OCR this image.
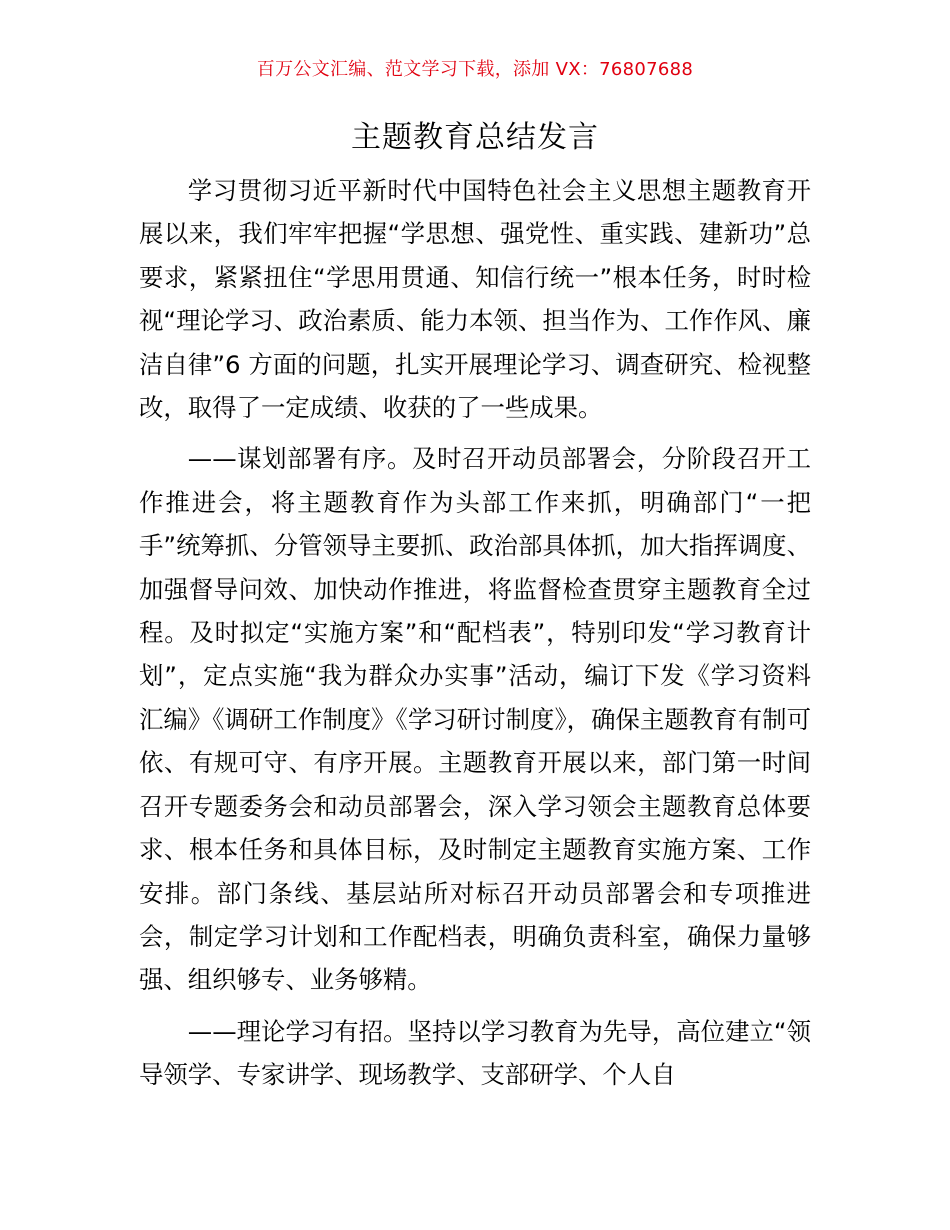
百万公文汇编、范文学习下载，添加 VX：76807688
主题教育总结发言

学习贯彻习近平新时代中国特色社会主义思想主题教育开展以来，我们牢牢把握“学思想、强党性、重实践、建新功”总要求，紧紧扭住“学思用贯通、知信行统一”根本任务，时时检视“理论学习、政治素质、能力本领、担当作为、工作作风、廉洁自律”6 方面的问题，扎实开展理论学习、调查研究、检视整改，取得了一定成绩、收获的了一些成果。

——谋划部署有序。及时召开动员部署会，分阶段召开工作推进会，将主题教育作为头部工作来抓，明确部门“一把手”统筹抓、分管领导主要抓、政治部具体抓，加大指挥调度、加强督导问效、加快动作推进，将监督检查贯穿主题教育全过程。及时拟定“实施方案”和“配档表”，特别印发“学习教育计划”，定点实施“我为群众办实事”活动，编订下发《学习资料汇编》《调研工作制度》《学习研讨制度》，确保主题教育有制可依、有规可守、有序开展。主题教育开展以来，部门第一时间召开专题委务会和动员部署会，深入学习领会主题教育总体要求、根本任务和具体目标，及时制定主题教育实施方案、工作安排。部门条线、基层站所对标召开动员部署会和专项推进会，制定学习计划和工作配档表，明确负责科室，确保力量够强、组织够专、业务够精。

——理论学习有招。坚持以学习教育为先导，高位建立“领导领学、专家讲学、现场教学、支部研学、个人自
